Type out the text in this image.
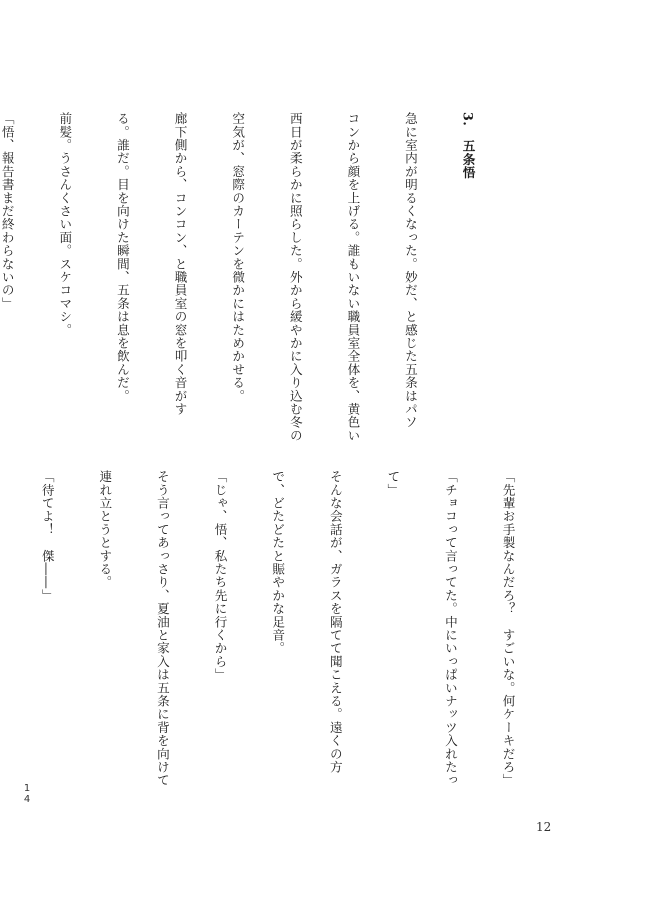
3.　五条悟

急に室内が明るくなった。妙だ、と感じた五条はパソ

コンから顔を上げる。誰もいない職員室全体を、黄色い

西日が柔らかに照らした。外から緩やかに入り込む冬の

空気が、窓際のカーテンを微かにはためかせる。

廊下側から、コンコン、と職員室の窓を叩く音がす

る。誰だ。目を向けた瞬間、五条は息を飲んだ。

前髪。うさんくさい面。スケコマシ。

「悟、報告書まだ終わらないの」

「先輩お手製なんだろ？　すごいな。何ケーキだろ」

「チョコって言ってた。中にいっぱいナッツ入れたっ

て」

そんな会話が、ガラスを隔てて聞こえる。遠くの方

で、どたどたと賑やかな足音。

「じゃ、悟、私たち先に行くから」

そう言ってあっさり、夏油と家入は五条に背を向けて

連れ立とうとする。

「待てよ！　傑――」

14
12
